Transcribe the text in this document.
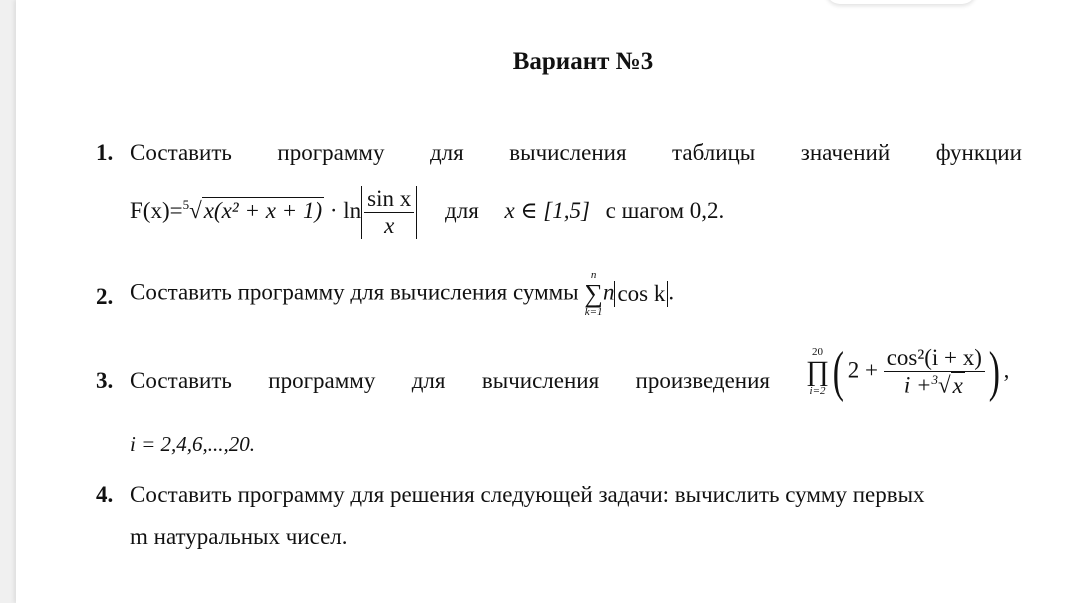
Вариант №3
1. Составить программу для вычисления таблицы значений функции
$F(x)=^5√x(x^2 + x + 1) \cdot \ln \frac{\text{sin x}}{x}$ для x ∈ [1,5] с шагом 0,2.
2. Составить программу для вычисления суммы
n
∑
k=1
n cos k .
3. Составить программу для вычисления произведения
20
∏
i=2 ( $2 + \frac{\text{cos²(i + x)}}{i +^3√x}$ ) ,
i = 2,4,6,...,20.
4. Составить программу для решения следующей задачи: вычислить сумму первых
m натуральных чисел.
